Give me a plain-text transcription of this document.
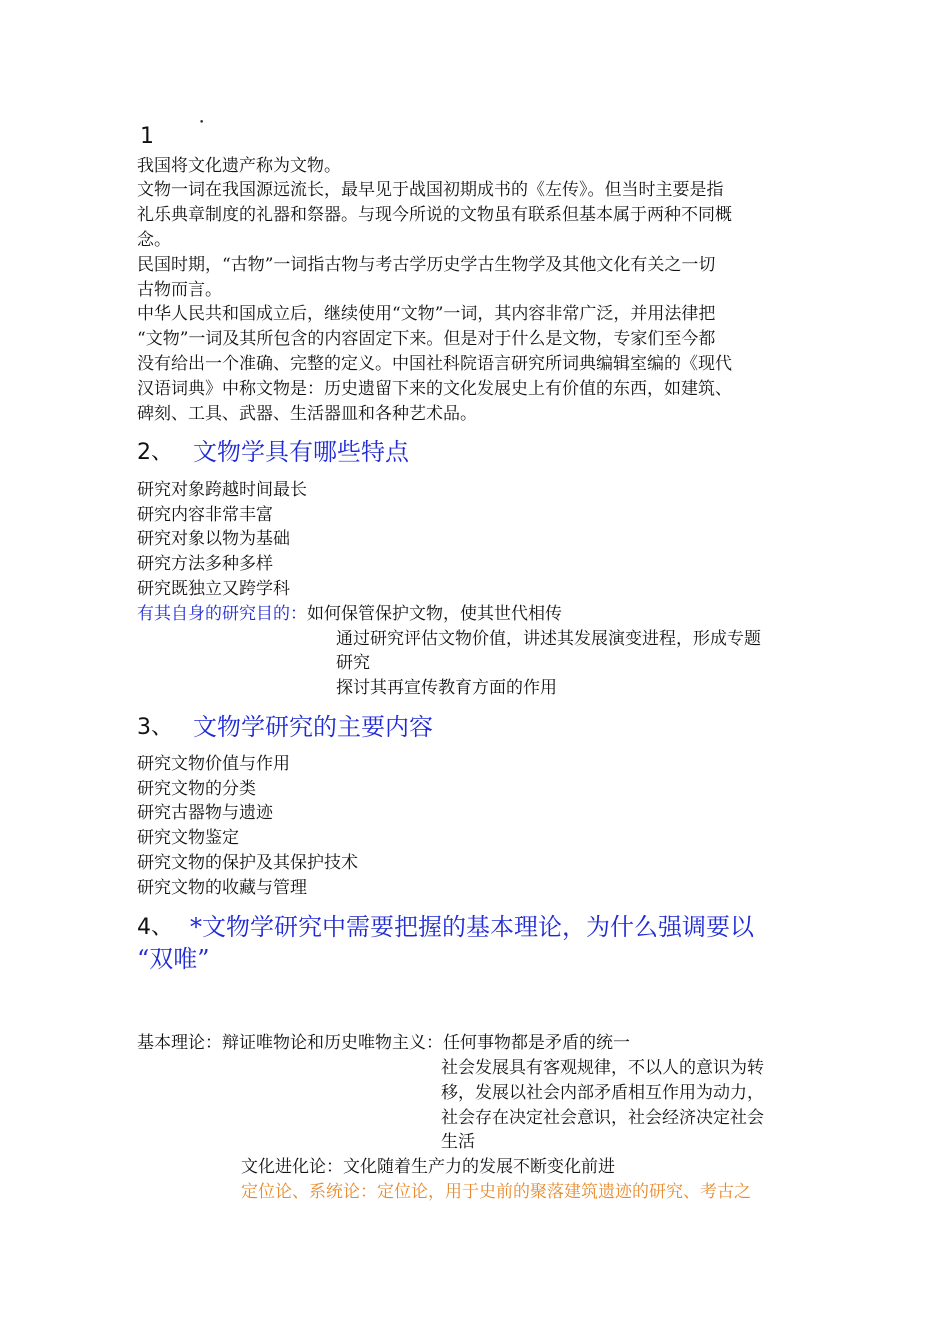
•
1
我国将文化遗产称为文物。
文物一词在我国源远流长，最早见于战国初期成书的《左传》。但当时主要是指
礼乐典章制度的礼器和祭器。与现今所说的文物虽有联系但基本属于两种不同概
念。
民国时期，“古物”一词指古物与考古学历史学古生物学及其他文化有关之一切
古物而言。
中华人民共和国成立后，继续使用“文物”一词，其内容非常广泛，并用法律把
“文物”一词及其所包含的内容固定下来。但是对于什么是文物，专家们至今都
没有给出一个准确、完整的定义。中国社科院语言研究所词典编辑室编的《现代
汉语词典》中称文物是：历史遗留下来的文化发展史上有价值的东西，如建筑、
碑刻、工具、武器、生活器皿和各种艺术品。
2、 文物学具有哪些特点
研究对象跨越时间最长
研究内容非常丰富
研究对象以物为基础
研究方法多种多样
研究既独立又跨学科
有其自身的研究目的：如何保管保护文物，使其世代相传
通过研究评估文物价值，讲述其发展演变进程，形成专题
研究
探讨其再宣传教育方面的作用
3、 文物学研究的主要内容
研究文物价值与作用
研究文物的分类
研究古器物与遗迹
研究文物鉴定
研究文物的保护及其保护技术
研究文物的收藏与管理
4、 *文物学研究中需要把握的基本理论，为什么强调要以
“双唯”
基本理论：辩证唯物论和历史唯物主义：任何事物都是矛盾的统一
社会发展具有客观规律，不以人的意识为转
移，发展以社会内部矛盾相互作用为动力，
社会存在决定社会意识，社会经济决定社会
生活
文化进化论：文化随着生产力的发展不断变化前进
定位论、系统论：定位论，用于史前的聚落建筑遗迹的研究、考古之
